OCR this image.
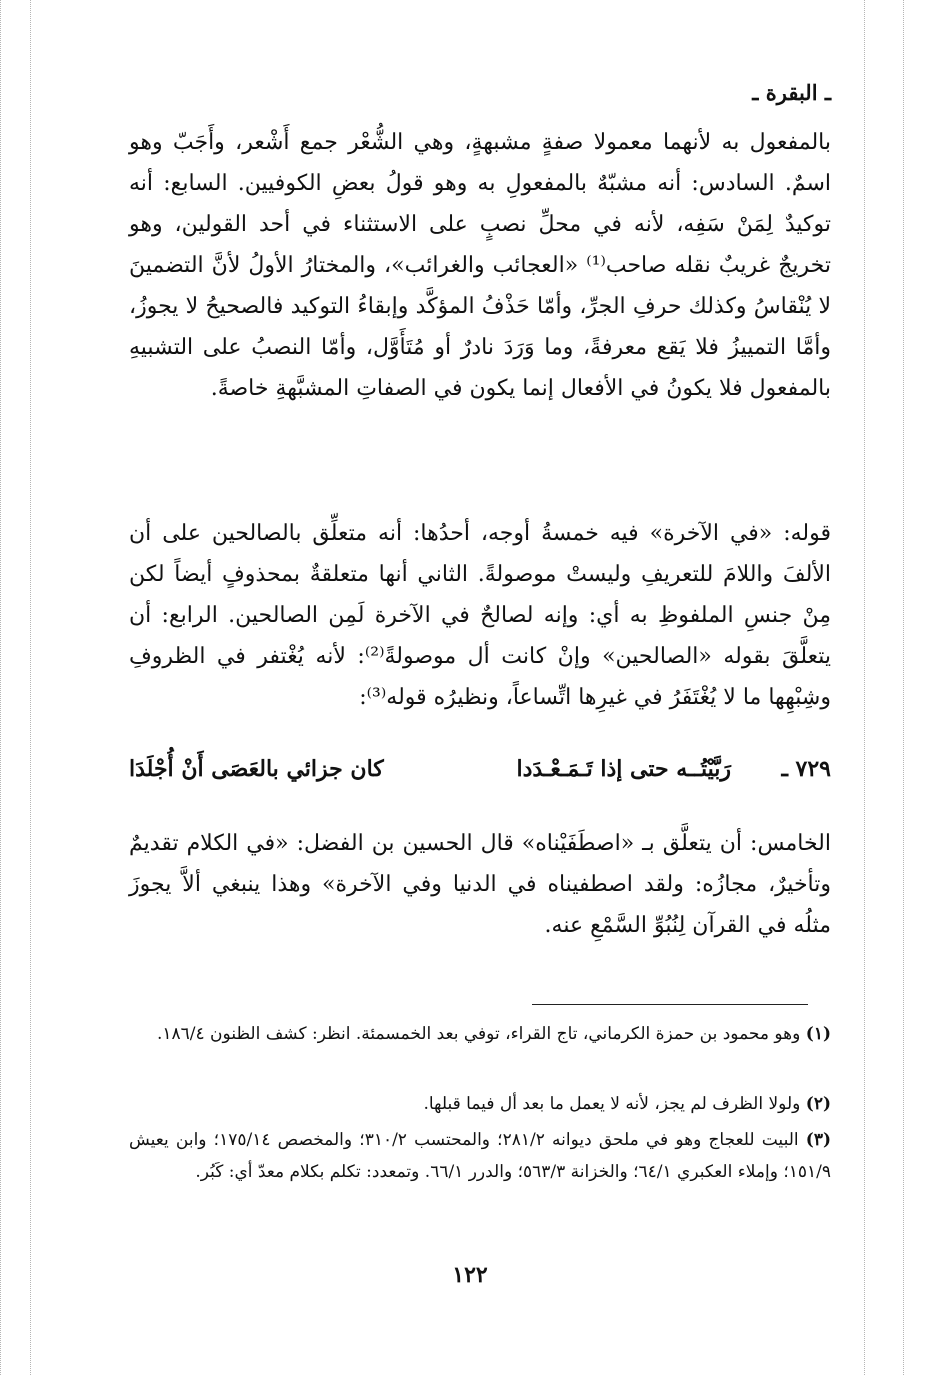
ـ البقرة ـ
بالمفعول به لأنهما معمولا صفةٍ مشبهةٍ، وهي الشُّعْر جمع أَشْعر، وأَجَبّ وهو اسمٌ. السادس: أنه مشبّهٌ بالمفعولِ به وهو قولُ بعضِ الكوفيين. السابع: أنه توكيدٌ لِمَنْ سَفِه، لأنه في محلِّ نصبٍ على الاستثناء في أحد القولين، وهو تخريجٌ غريبٌ نقله صاحب⁽¹⁾ «العجائب والغرائب»، والمختارُ الأولُ لأنَّ التضمينَ لا يُنْقاسُ وكذلك حرفِ الجرِّ، وأمّا حَذْفُ المؤكَّد وإبقاءُ التوكيد فالصحيحُ لا يجوزُ، وأمَّا التمييزُ فلا يَقع معرفةً، وما وَرَدَ نادرٌ أو مُتَأَوَّل، وأمّا النصبُ على التشبيهِ بالمفعول فلا يكونُ في الأفعال إنما يكون في الصفاتِ المشبَّهةِ خاصةً.
قوله: «في الآخرة» فيه خمسةُ أوجه، أحدُها: أنه متعلِّق بالصالحين على أن الألفَ واللامَ للتعريفِ وليستْ موصولةً. الثاني أنها متعلقةٌ بمحذوفٍ أيضاً لكن مِنْ جنسِ الملفوظِ به أي: وإنه لصالحٌ في الآخرة لَمِن الصالحين. الرابع: أن يتعلَّقَ بقوله «الصالحين» وإنْ كانت أل موصولةً⁽²⁾: لأنه يُغْتفر في الظروفِ وشِبْهِها ما لا يُغْتَفَرُ في غيرِها اتِّساعاً، ونظيرُه قوله⁽³⁾:
٧٢٩ ـ
رَبَّيْتُــه حتى إذا تَـمَـعْـدَدا
كان جزائي بالعَصَى أَنْ أُجْلَدَا
الخامس: أن يتعلَّق بـ «اصطَفَيْناه» قال الحسين بن الفضل: «في الكلام تقديمٌ وتأخيرٌ، مجازُه: ولقد اصطفيناه في الدنيا وفي الآخرة» وهذا ينبغي ألاَّ يجوزَ مثلُه في القرآن لِنُبُوِّ السَّمْعِ عنه.
(١) وهو محمود بن حمزة الكرماني، تاج القراء، توفي بعد الخمسمئة. انظر: كشف الظنون ١٨٦/٤.
(٢) ولولا الظرف لم يجز، لأنه لا يعمل ما بعد أل فيما قبلها.
(٣) البيت للعجاج وهو في ملحق ديوانه ٢٨١/٢؛ والمحتسب ٣١٠/٢؛ والمخصص ١٧٥/١٤؛ وابن يعيش ١٥١/٩؛ وإملاء العكبري ٦٤/١؛ والخزانة ٥٦٣/٣؛ والدرر ٦٦/١. وتمعدد: تكلم بكلام معدّ أي: كَبُر.
١٢٢
